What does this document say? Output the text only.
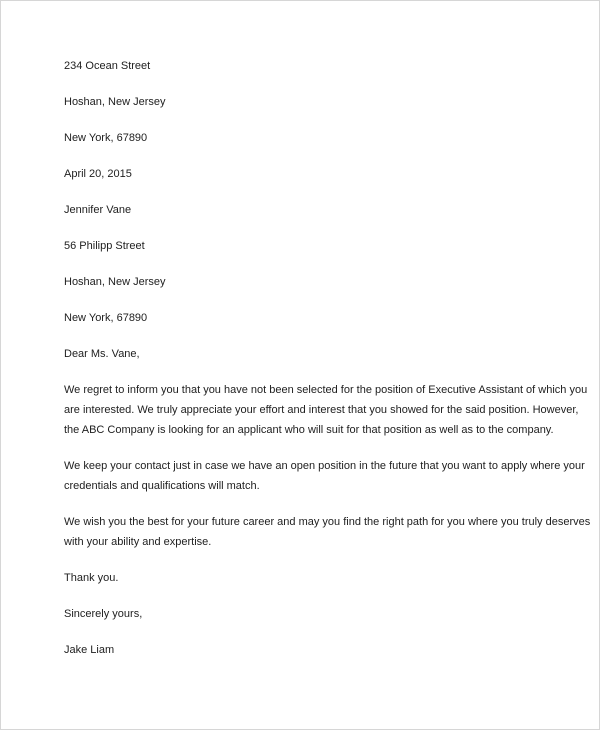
234 Ocean Street
Hoshan, New Jersey
New York, 67890
April 20, 2015
Jennifer Vane
56 Philipp Street
Hoshan, New Jersey
New York, 67890
Dear Ms. Vane,
We regret to inform you that you have not been selected for the position of Executive Assistant of which you
are interested. We truly appreciate your effort and interest that you showed for the said position. However,
the ABC Company is looking for an applicant who will suit for that position as well as to the company.
We keep your contact just in case we have an open position in the future that you want to apply where your
credentials and qualifications will match.
We wish you the best for your future career and may you find the right path for you where you truly deserves
with your ability and expertise.
Thank you.
Sincerely yours,
Jake Liam
